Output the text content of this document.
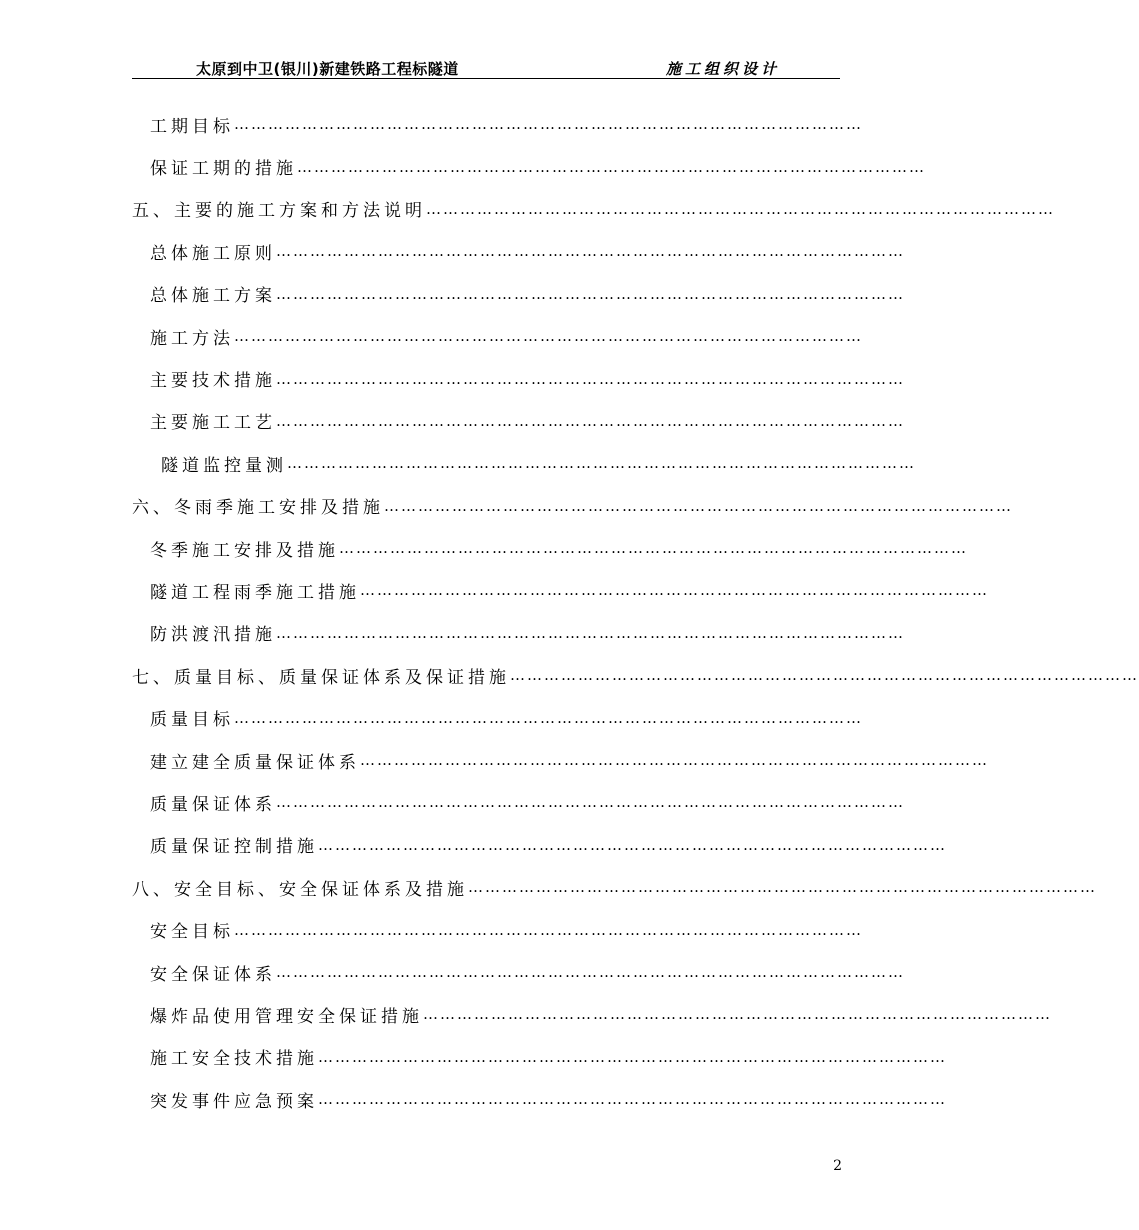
太原到中卫(银川)新建铁路工程标隧道	施工组织设计
工期目标 …………………………………………………………………………………………………
保证工期的措施 …………………………………………………………………………………………………
五、主要的施工方案和方法说明 …………………………………………………………………………………………………
总体施工原则 …………………………………………………………………………………………………
总体施工方案 …………………………………………………………………………………………………
施工方法 …………………………………………………………………………………………………
主要技术措施 …………………………………………………………………………………………………
主要施工工艺 …………………………………………………………………………………………………
隧道监控量测 …………………………………………………………………………………………………
六、冬雨季施工安排及措施 …………………………………………………………………………………………………
冬季施工安排及措施 …………………………………………………………………………………………………
隧道工程雨季施工措施 …………………………………………………………………………………………………
防洪渡汛措施 …………………………………………………………………………………………………
七、质量目标、质量保证体系及保证措施 …………………………………………………………………………………………………
质量目标 …………………………………………………………………………………………………
建立建全质量保证体系 …………………………………………………………………………………………………
质量保证体系 …………………………………………………………………………………………………
质量保证控制措施 …………………………………………………………………………………………………
八、安全目标、安全保证体系及措施 …………………………………………………………………………………………………
安全目标 …………………………………………………………………………………………………
安全保证体系 …………………………………………………………………………………………………
爆炸品使用管理安全保证措施 …………………………………………………………………………………………………
施工安全技术措施 …………………………………………………………………………………………………
突发事件应急预案 …………………………………………………………………………………………………
2
